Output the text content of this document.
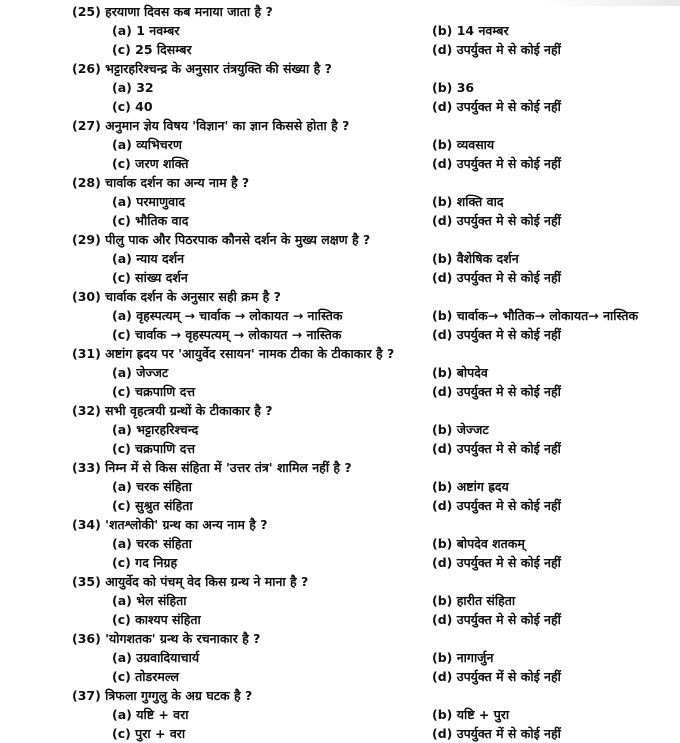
(25) हरयाणा दिवस कब मनाया जाता है ?
(a) 1 नवम्बर	(b) 14 नवम्बर
(c) 25 दिसम्बर	(d) उपर्युक्त मे से कोई नहीं
(26) भट्टारहरिश्चन्द्र के अनुसार तंत्रयुक्ति की संख्या है ?
(a) 32	(b) 36
(c) 40	(d) उपर्युक्त मे से कोई नहीं
(27) अनुमान ज्ञेय विषय 'विज्ञान' का ज्ञान किससे होता है ?
(a) व्यभिचरण	(b) व्यवसाय
(c) जरण शक्ति	(d) उपर्युक्त मे से कोई नहीं
(28) चार्वाक दर्शन का अन्य नाम है ?
(a) परमाणुवाद	(b) शक्ति वाद
(c) भौतिक वाद	(d) उपर्युक्त मे से कोई नहीं
(29) पीलु पाक और पिठरपाक कौनसे दर्शन के मुख्य लक्षण है ?
(a) न्याय दर्शन	(b) वैशेषिक दर्शन
(c) सांख्य दर्शन	(d) उपर्युक्त मे से कोई नहीं
(30) चार्वाक दर्शन के अनुसार सही क्रम है ?
(a) वृहस्पत्यम् → चार्वाक → लोकायत → नास्तिक	(b) चार्वाक→ भौतिक→ लोकायत→ नास्तिक
(c) चार्वाक → वृहस्पत्यम् → लोकायत → नास्तिक	(d) उपर्युक्त मे से कोई नहीं
(31) अष्टांग ह्रदय पर 'आयुर्वेद रसायन' नामक टीका के टीकाकार है ?
(a) जेज्जट	(b) बोपदेव
(c) चक्रपाणि दत्त	(d) उपर्युक्त मे से कोई नहीं
(32) सभी वृहत्त्रयी ग्रन्थों के टीकाकार है ?
(a) भट्टारहरिश्चन्द	(b) जेज्जट
(c) चक्रपाणि दत्त	(d) उपर्युक्त मे से कोई नहीं
(33) निम्न में से किस संहिता में 'उत्तर तंत्र' शामिल नहीं है ?
(a) चरक संहिता	(b) अष्टांग ह्रदय
(c) सुश्रुत संहिता	(d) उपर्युक्त मे से कोई नहीं
(34) 'शतश्लोकी' ग्रन्थ का अन्य नाम है ?
(a) चरक संहिता	(b) बोपदेव शतकम्
(c) गद निग्रह	(d) उपर्युक्त मे से कोई नहीं
(35) आयुर्वेद को पंचम् वेद किस ग्रन्थ ने माना है ?
(a) भेल संहिता	(b) हारीत संहिता
(c) काश्यप संहिता	(d) उपर्युक्त मे से कोई नहीं
(36) 'योगशतक' ग्रन्थ के रचनाकार है ?
(a) उग्रवादियाचार्य	(b) नागार्जुन
(c) तोडरमल्ल	(d) उपर्युक्त में से कोई नहीं
(37) त्रिफला गुग्गुलु के अग्र घटक है ?
(a) यष्टि + वरा	(b) यष्टि + पुरा
(c) पुरा + वरा	(d) उपर्युक्त में से कोई नहीं
